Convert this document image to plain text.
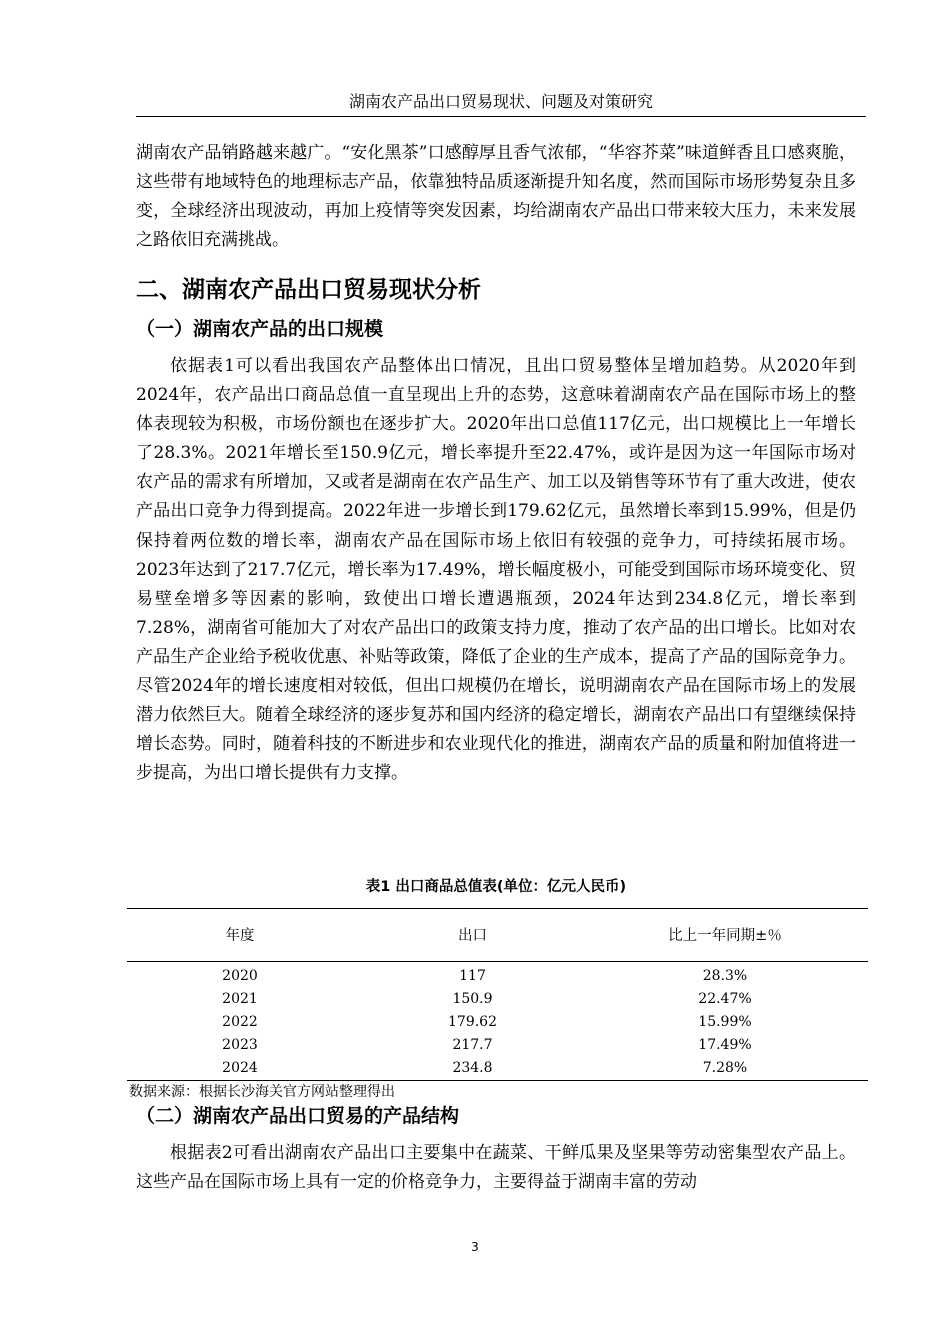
湖南农产品出口贸易现状、问题及对策研究

湖南农产品销路越来越广。“安化黑茶”口感醇厚且香气浓郁，“华容芥菜”味道鲜香且口感爽脆，这些带有地域特色的地理标志产品，依靠独特品质逐渐提升知名度，然而国际市场形势复杂且多变，全球经济出现波动，再加上疫情等突发因素，均给湖南农产品出口带来较大压力，未来发展之路依旧充满挑战。

二、湖南农产品出口贸易现状分析
（一）湖南农产品的出口规模

依据表1可以看出我国农产品整体出口情况，且出口贸易整体呈增加趋势。从2020年到2024年，农产品出口商品总值一直呈现出上升的态势，这意味着湖南农产品在国际市场上的整体表现较为积极，市场份额也在逐步扩大。2020年出口总值117亿元，出口规模比上一年增长了28.3%。2021年增长至150.9亿元，增长率提升至22.47%，或许是因为这一年国际市场对农产品的需求有所增加，又或者是湖南在农产品生产、加工以及销售等环节有了重大改进，使农产品出口竞争力得到提高。2022年进一步增长到179.62亿元，虽然增长率到15.99%，但是仍保持着两位数的增长率，湖南农产品在国际市场上依旧有较强的竞争力，可持续拓展市场。2023年达到了217.7亿元，增长率为17.49%，增长幅度极小，可能受到国际市场环境变化、贸易壁垒增多等因素的影响，致使出口增长遭遇瓶颈，2024年达到234.8亿元，增长率到7.28%，湖南省可能加大了对农产品出口的政策支持力度，推动了农产品的出口增长。比如对农产品生产企业给予税收优惠、补贴等政策，降低了企业的生产成本，提高了产品的国际竞争力。尽管2024年的增长速度相对较低，但出口规模仍在增长，说明湖南农产品在国际市场上的发展潜力依然巨大。随着全球经济的逐步复苏和国内经济的稳定增长，湖南农产品出口有望继续保持增长态势。同时，随着科技的不断进步和农业现代化的推进，湖南农产品的质量和附加值将进一步提高，为出口增长提供有力支撑。

表1 出口商品总值表(单位：亿元人民币)
年度	出口	比上一年同期±％
2020	117	28.3%
2021	150.9	22.47%
2022	179.62	15.99%
2023	217.7	17.49%
2024	234.8	7.28%
数据来源：根据长沙海关官方网站整理得出
（二）湖南农产品出口贸易的产品结构

根据表2可看出湖南农产品出口主要集中在蔬菜、干鲜瓜果及坚果等劳动密集型农产品上。这些产品在国际市场上具有一定的价格竞争力，主要得益于湖南丰富的劳动

3
